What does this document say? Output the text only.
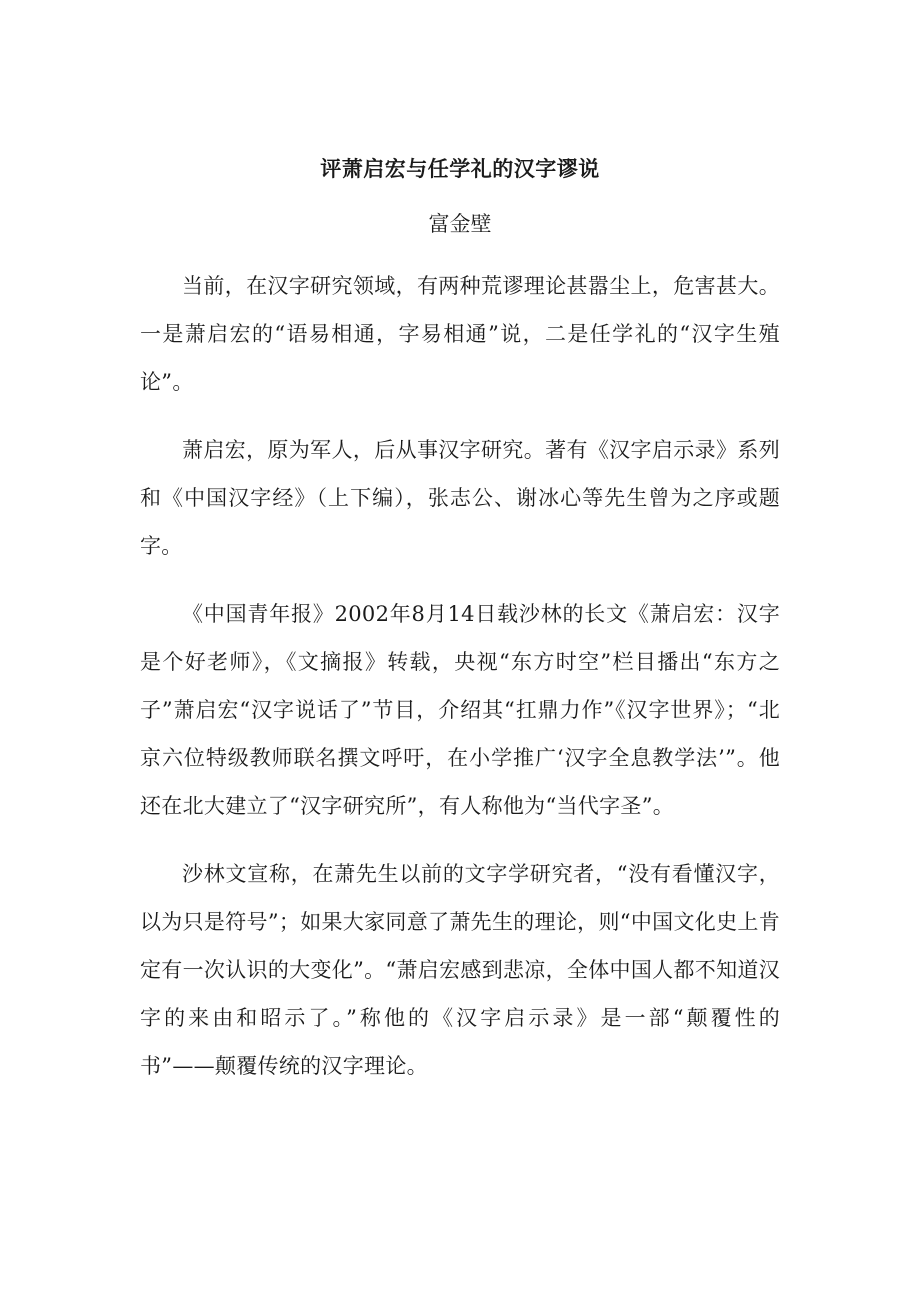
评萧启宏与任学礼的汉字谬说
富金壁

当前，在汉字研究领域，有两种荒谬理论甚嚣尘上，危害甚大。一是萧启宏的“语易相通，字易相通”说，二是任学礼的“汉字生殖论”。

萧启宏，原为军人，后从事汉字研究。著有《汉字启示录》系列和《中国汉字经》（上下编），张志公、谢冰心等先生曾为之序或题字。

《中国青年报》2002年8月14日载沙林的长文《萧启宏：汉字是个好老师》，《文摘报》转载，央视“东方时空”栏目播出“东方之子”萧启宏“汉字说话了”节目，介绍其“扛鼎力作”《汉字世界》；“北京六位特级教师联名撰文呼吁，在小学推广‘汉字全息教学法’”。他还在北大建立了“汉字研究所”，有人称他为“当代字圣”。

沙林文宣称，在萧先生以前的文字学研究者，“没有看懂汉字，以为只是符号”；如果大家同意了萧先生的理论，则“中国文化史上肯定有一次认识的大变化”。“萧启宏感到悲凉，全体中国人都不知道汉字的来由和昭示了。”称他的《汉字启示录》是一部“颠覆性的书”——颠覆传统的汉字理论。
